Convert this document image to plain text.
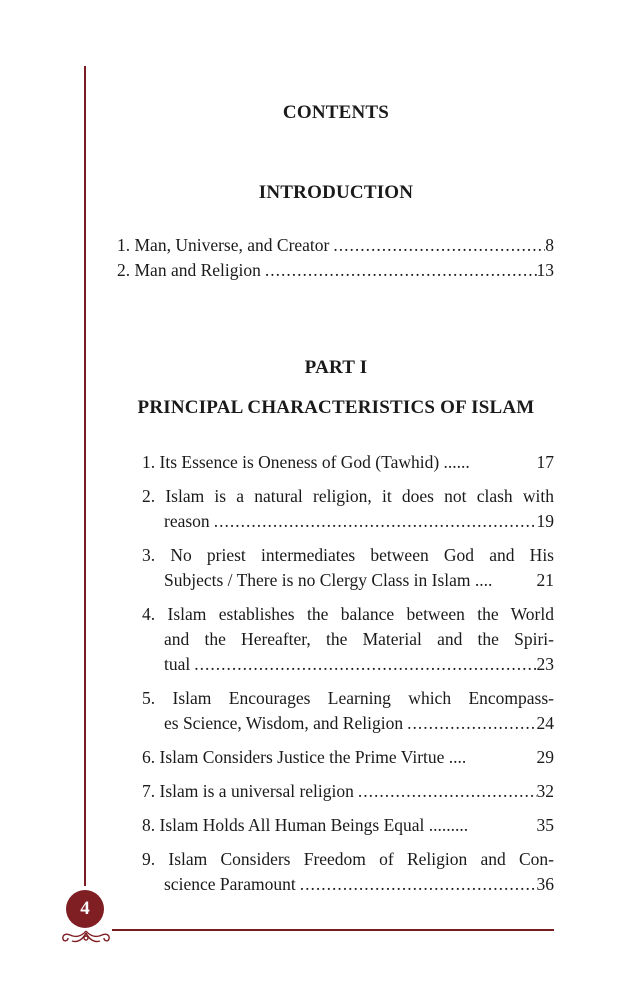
4
CONTENTS
INTRODUCTION
1. Man, Universe, and Creator .....	8
2. Man and Religion .....	13
PART I
PRINCIPAL CHARACTERISTICS OF ISLAM
1. Its Essence is Oneness of God (Tawhid) ......	17
2. Islam is a natural religion, it does not clash with
reason .....	19
3. No priest intermediates between God and His
Subjects / There is no Clergy Class in Islam ....	21
4. Islam establishes the balance between the World
and the Hereafter, the Material and the Spiri-
tual .....	23
5. Islam Encourages Learning which Encompass-
es Science, Wisdom, and Religion .....	24
6. Islam Considers Justice the Prime Virtue ....	29
7. Islam is a universal religion .....	32
8. Islam Holds All Human Beings Equal .........	35
9. Islam Considers Freedom of Religion and Con-
science Paramount .....	36
